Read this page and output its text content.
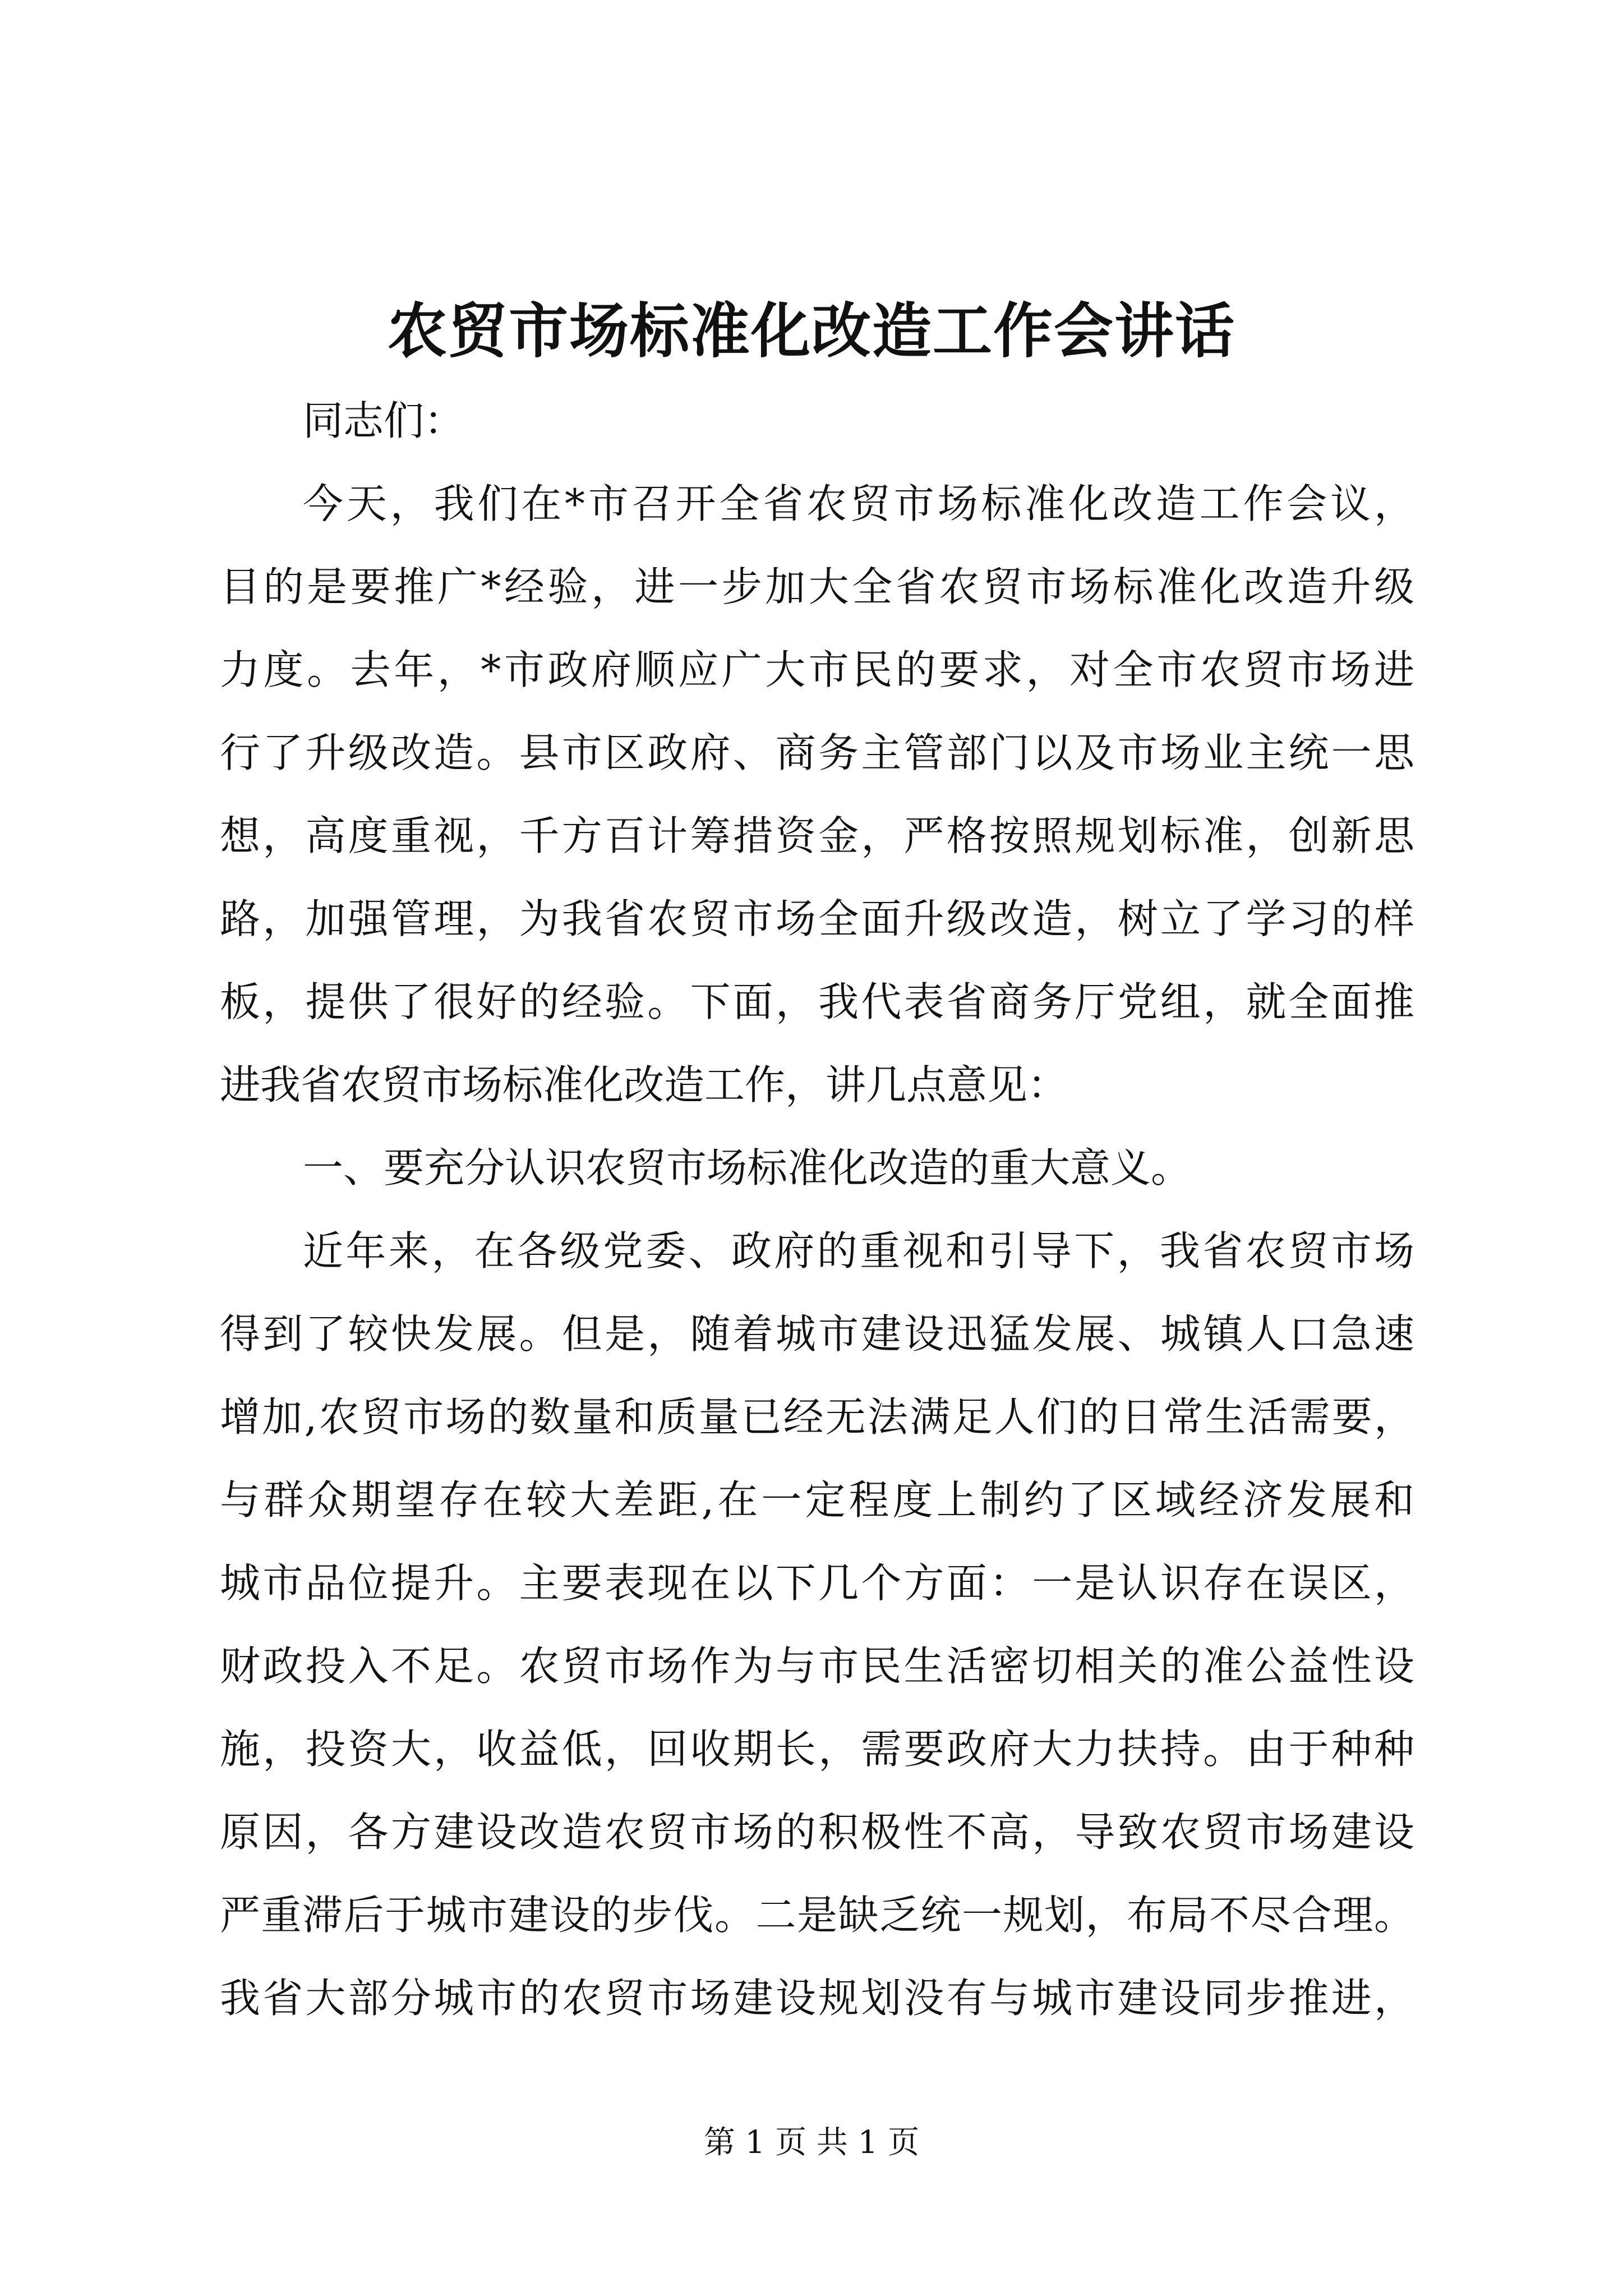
农贸市场标准化改造工作会讲话
同志们：
今天，我们在*市召开全省农贸市场标准化改造工作会议，
目的是要推广*经验，进一步加大全省农贸市场标准化改造升级
力度。去年，*市政府顺应广大市民的要求，对全市农贸市场进
行了升级改造。县市区政府、商务主管部门以及市场业主统一思
想，高度重视，千方百计筹措资金，严格按照规划标准，创新思
路，加强管理，为我省农贸市场全面升级改造，树立了学习的样
板，提供了很好的经验。下面，我代表省商务厅党组，就全面推
进我省农贸市场标准化改造工作，讲几点意见：
一、要充分认识农贸市场标准化改造的重大意义。
近年来，在各级党委、政府的重视和引导下，我省农贸市场
得到了较快发展。但是，随着城市建设迅猛发展、城镇人口急速
增加,农贸市场的数量和质量已经无法满足人们的日常生活需要，
与群众期望存在较大差距,在一定程度上制约了区域经济发展和
城市品位提升。主要表现在以下几个方面：一是认识存在误区，
财政投入不足。农贸市场作为与市民生活密切相关的准公益性设
施，投资大，收益低，回收期长，需要政府大力扶持。由于种种
原因，各方建设改造农贸市场的积极性不高，导致农贸市场建设
严重滞后于城市建设的步伐。二是缺乏统一规划，布局不尽合理。
我省大部分城市的农贸市场建设规划没有与城市建设同步推进，
第 1 页 共 1 页
